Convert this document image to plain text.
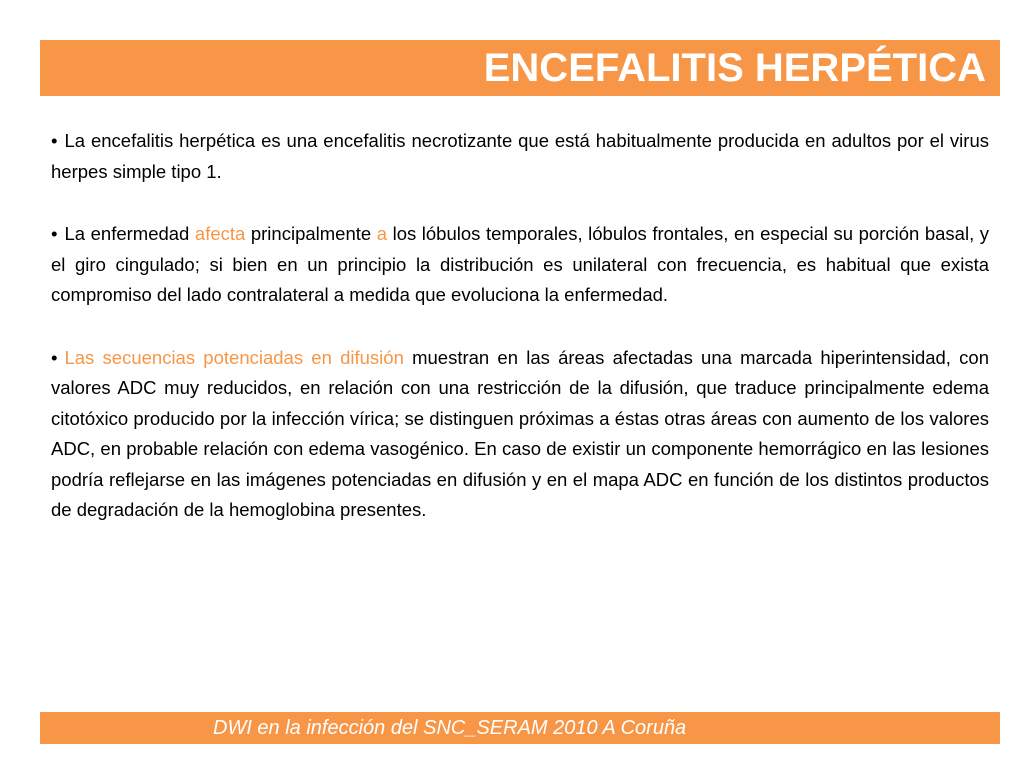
ENCEFALITIS HERPÉTICA

• La encefalitis herpética es una encefalitis necrotizante que está habitualmente producida en adultos por el virus herpes simple tipo 1.

• La enfermedad afecta principalmente a los lóbulos temporales, lóbulos frontales, en especial su porción basal, y el giro cingulado; si bien en un principio la distribución es unilateral con frecuencia, es habitual que exista compromiso del lado contralateral a medida que evoluciona la enfermedad.

• Las secuencias potenciadas en difusión muestran en las áreas afectadas una marcada hiperintensidad, con valores ADC muy reducidos, en relación con una restricción de la difusión, que traduce principalmente edema citotóxico producido por la infección vírica; se distinguen próximas a éstas otras áreas con aumento de los valores ADC, en probable relación con edema vasogénico. En caso de existir un componente hemorrágico en las lesiones podría reflejarse en las imágenes potenciadas en difusión y en el mapa ADC en función de los distintos productos de degradación de la hemoglobina presentes.

DWI en la infección del SNC_SERAM 2010 A Coruña
